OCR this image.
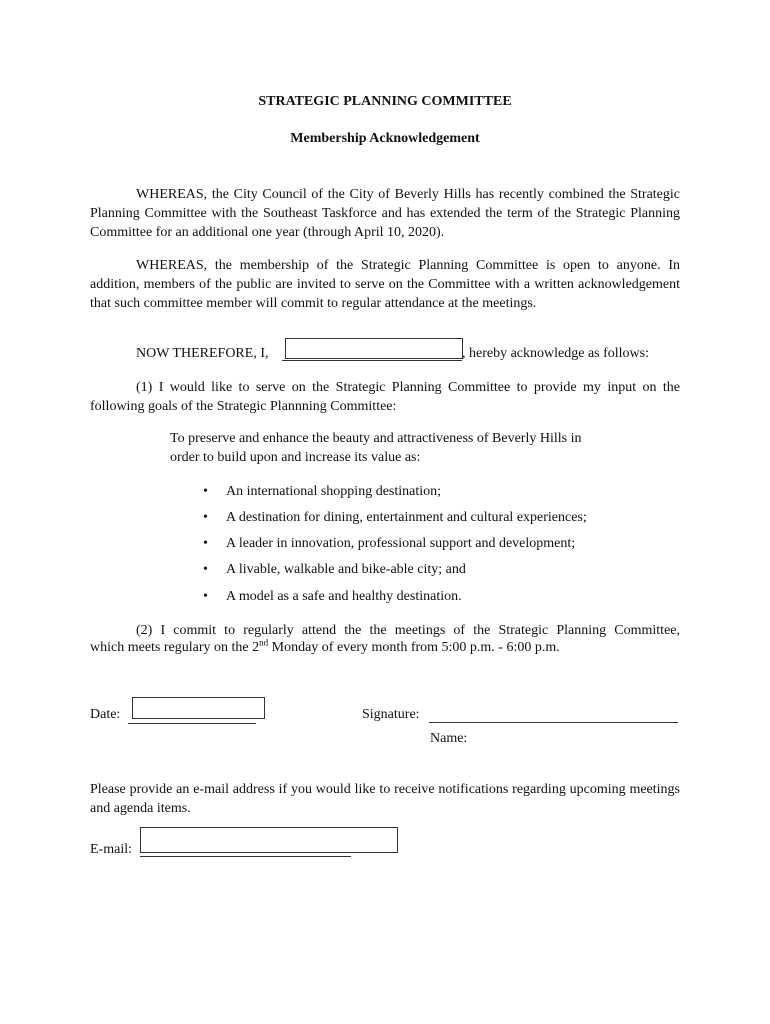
STRATEGIC PLANNING COMMITTEE
Membership Acknowledgement
WHEREAS, the City Council of the City of Beverly Hills has recently combined the Strategic Planning Committee with the Southeast Taskforce and has extended the term of the Strategic Planning Committee for an additional one year (through April 10, 2020).
WHEREAS, the membership of the Strategic Planning Committee is open to anyone. In addition, members of the public are invited to serve on the Committee with a written acknowledgement that such committee member will commit to regular attendance at the meetings.
NOW THEREFORE, I,	, hereby acknowledge as follows:
(1) I would like to serve on the Strategic Planning Committee to provide my input on the following goals of the Strategic Plannning Committee:
To preserve and enhance the beauty and attractiveness of Beverly Hills in
order to build upon and increase its value as:
• An international shopping destination;
• A destination for dining, entertainment and cultural experiences;
• A leader in innovation, professional support and development;
• A livable, walkable and bike-able city; and
• A model as a safe and healthy destination.
(2) I commit to regularly attend the the meetings of the Strategic Planning Committee,
which meets regulary on the 2nd Monday of every month from 5:00 p.m. - 6:00 p.m.
Date:	Signature:
Name:
Please provide an e-mail address if you would like to receive notifications regarding upcoming meetings and agenda items.
E-mail:
